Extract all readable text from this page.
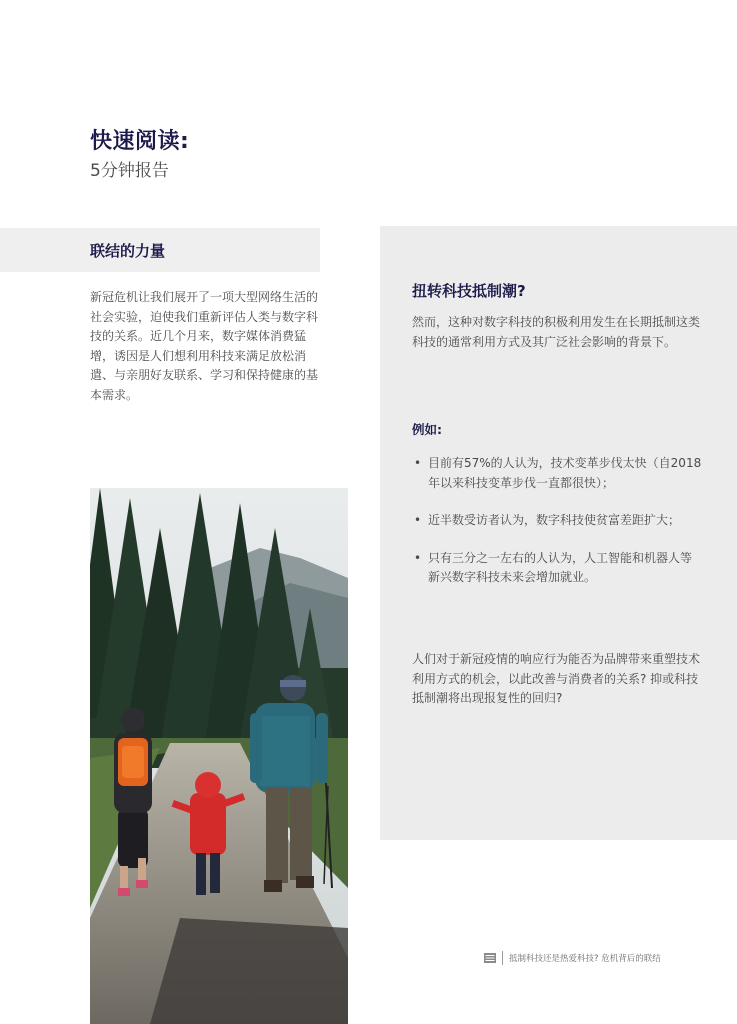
快速阅读:
5分钟报告
联结的力量
新冠危机让我们展开了一项大型网络生活的社会实验，迫使我们重新评估人类与数字科技的关系。近几个月来，数字媒体消费猛增，诱因是人们想利用科技来满足放松消遣、与亲朋好友联系、学习和保持健康的基本需求。
扭转科技抵制潮?
然而，这种对数字科技的积极利用发生在长期抵制这类科技的通常利用方式及其广泛社会影响的背景下。
例如:
• 目前有57%的人认为，技术变革步伐太快（自2018年以来科技变革步伐一直都很快）；
• 近半数受访者认为，数字科技使贫富差距扩大；
• 只有三分之一左右的人认为，人工智能和机器人等新兴数字科技未来会增加就业。
人们对于新冠疫情的响应行为能否为品牌带来重塑技术利用方式的机会，以此改善与消费者的关系? 抑或科技抵制潮将出现报复性的回归?
抵制科技还是热爱科技? 危机背后的联结
